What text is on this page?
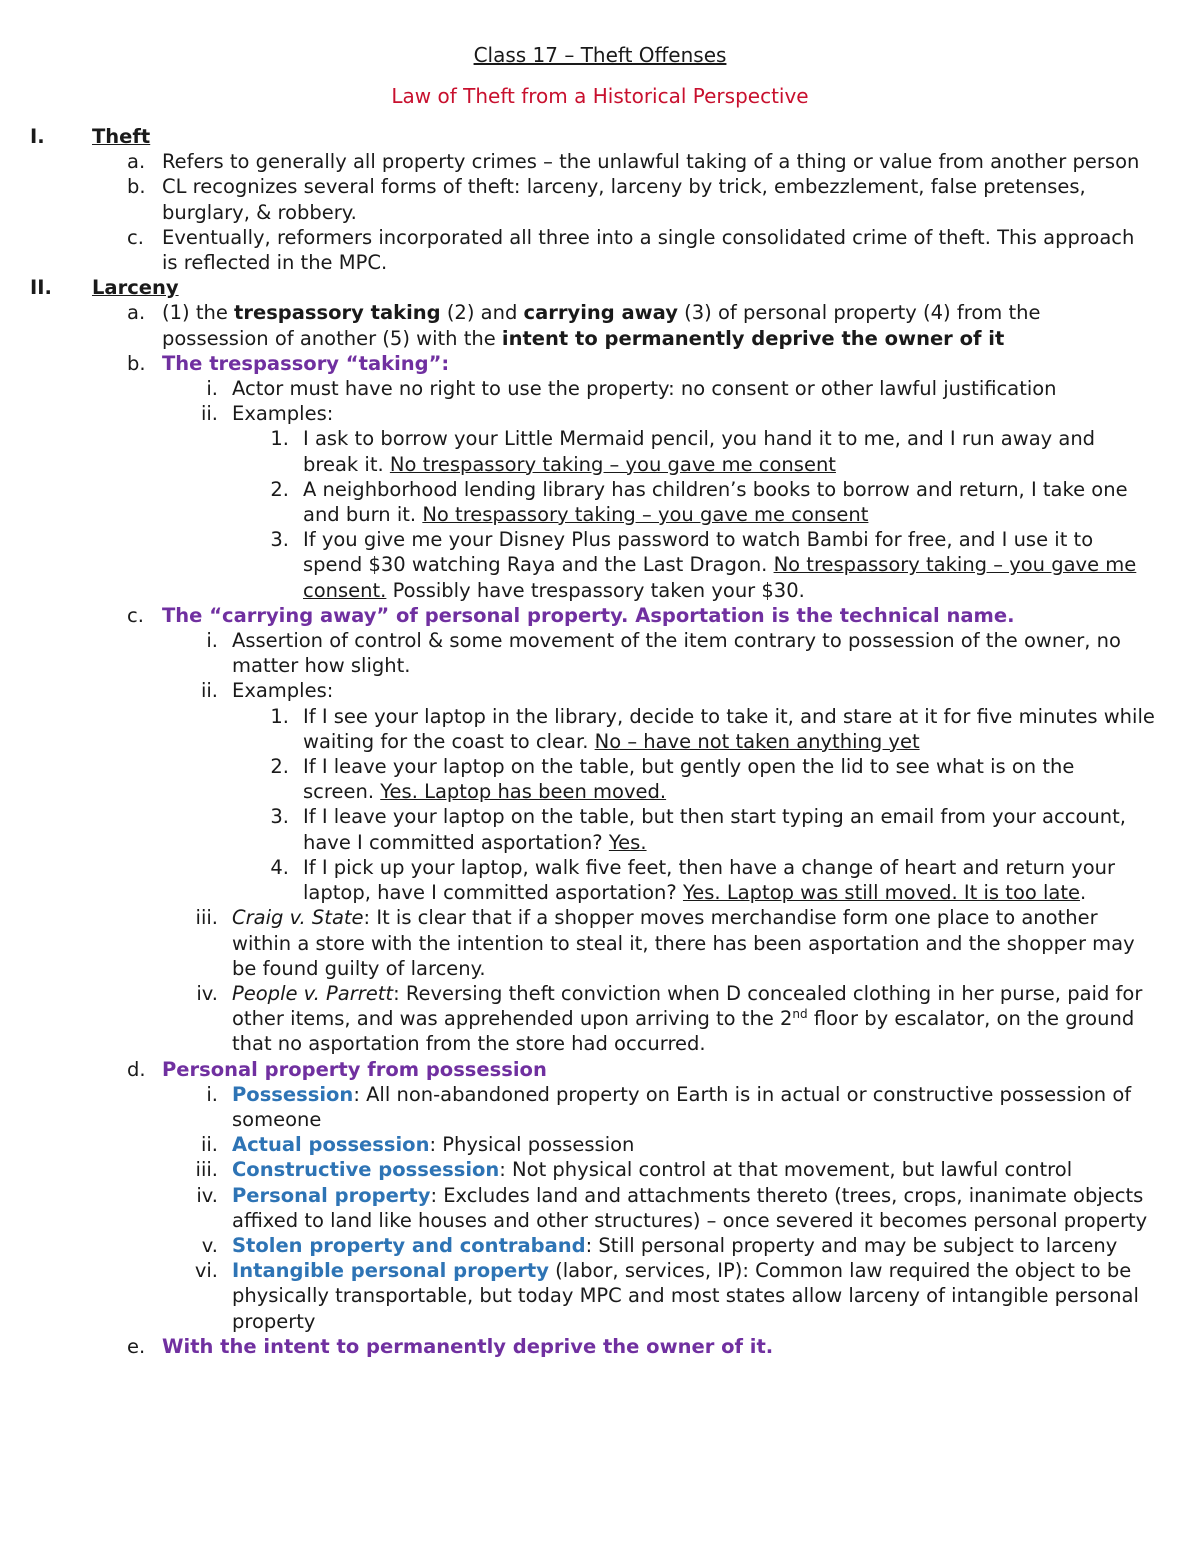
Class 17 – Theft Offenses
Law of Theft from a Historical Perspective
I. Theft
a. Refers to generally all property crimes – the unlawful taking of a thing or value from another person
b. CL recognizes several forms of theft: larceny, larceny by trick, embezzlement, false pretenses, burglary, & robbery.
c. Eventually, reformers incorporated all three into a single consolidated crime of theft. This approach is reflected in the MPC.
II. Larceny
a. (1) the trespassory taking (2) and carrying away (3) of personal property (4) from the possession of another (5) with the intent to permanently deprive the owner of it
b. The trespassory “taking”:
i. Actor must have no right to use the property: no consent or other lawful justification
ii. Examples:
1. I ask to borrow your Little Mermaid pencil, you hand it to me, and I run away and break it. No trespassory taking – you gave me consent
2. A neighborhood lending library has children’s books to borrow and return, I take one and burn it. No trespassory taking – you gave me consent
3. If you give me your Disney Plus password to watch Bambi for free, and I use it to spend $30 watching Raya and the Last Dragon. No trespassory taking – you gave me consent. Possibly have trespassory taken your $30.
c. The “carrying away” of personal property. Asportation is the technical name.
i. Assertion of control & some movement of the item contrary to possession of the owner, no matter how slight.
ii. Examples:
1. If I see your laptop in the library, decide to take it, and stare at it for five minutes while waiting for the coast to clear. No – have not taken anything yet
2. If I leave your laptop on the table, but gently open the lid to see what is on the screen. Yes. Laptop has been moved.
3. If I leave your laptop on the table, but then start typing an email from your account, have I committed asportation? Yes.
4. If I pick up your laptop, walk five feet, then have a change of heart and return your laptop, have I committed asportation? Yes. Laptop was still moved. It is too late.
iii. Craig v. State: It is clear that if a shopper moves merchandise form one place to another within a store with the intention to steal it, there has been asportation and the shopper may be found guilty of larceny.
iv. People v. Parrett: Reversing theft conviction when D concealed clothing in her purse, paid for other items, and was apprehended upon arriving to the 2nd floor by escalator, on the ground that no asportation from the store had occurred.
d. Personal property from possession
i. Possession: All non-abandoned property on Earth is in actual or constructive possession of someone
ii. Actual possession: Physical possession
iii. Constructive possession: Not physical control at that movement, but lawful control
iv. Personal property: Excludes land and attachments thereto (trees, crops, inanimate objects affixed to land like houses and other structures) – once severed it becomes personal property
v. Stolen property and contraband: Still personal property and may be subject to larceny
vi. Intangible personal property (labor, services, IP): Common law required the object to be physically transportable, but today MPC and most states allow larceny of intangible personal property
e. With the intent to permanently deprive the owner of it.
